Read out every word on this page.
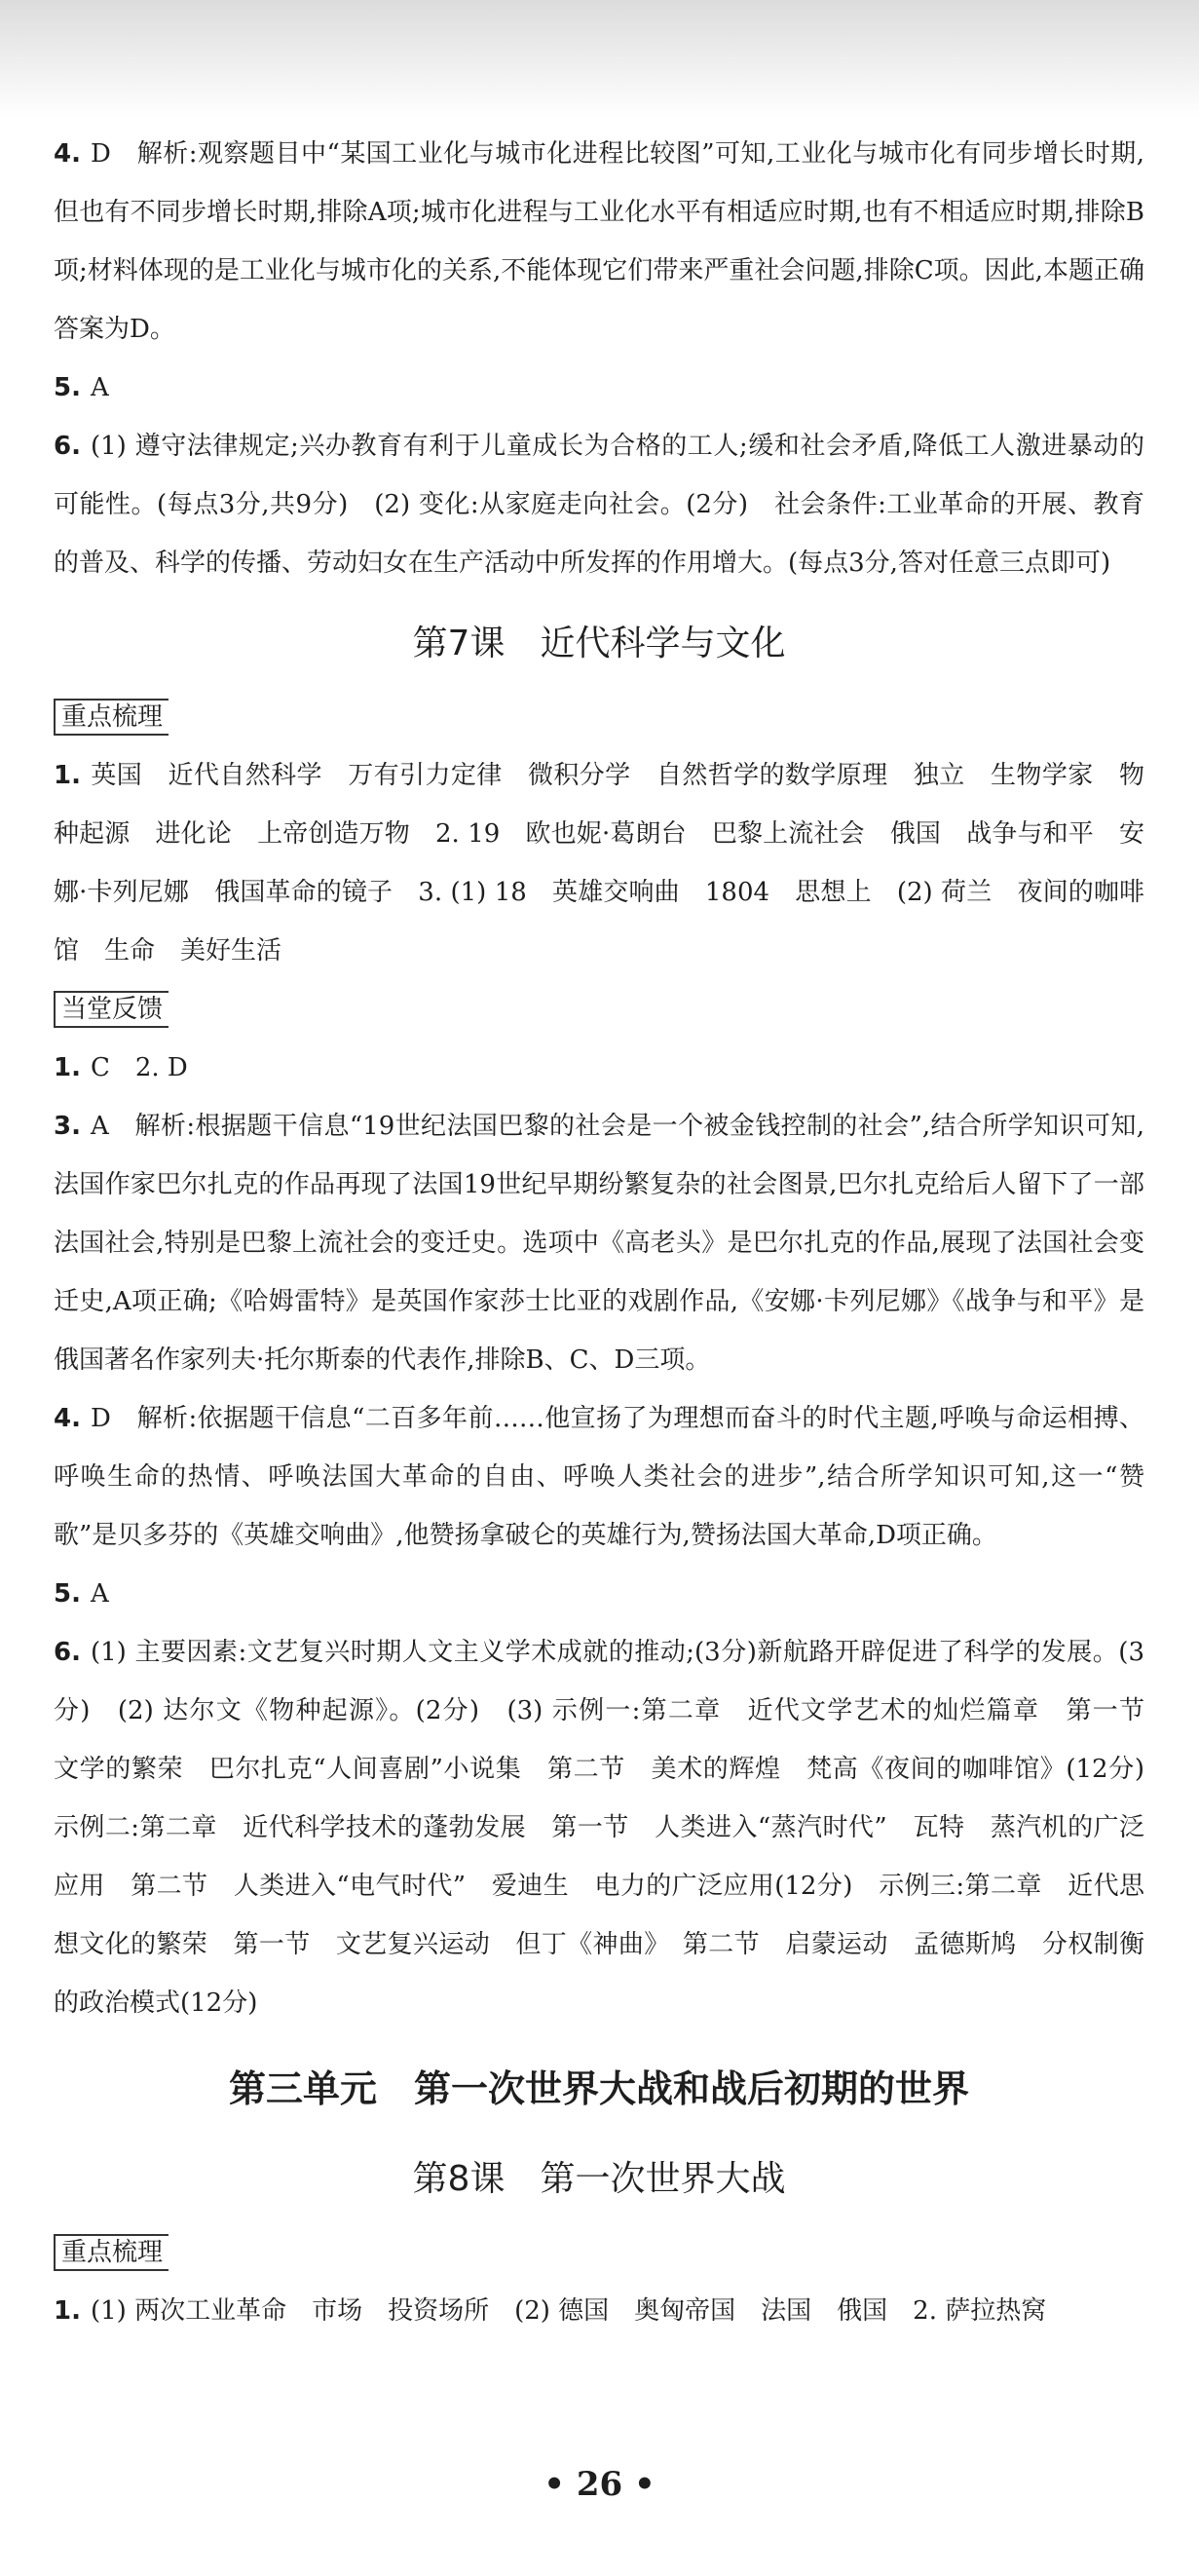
4. D　解析:观察题目中“某国工业化与城市化进程比较图”可知,工业化与城市化有同步增长时期,但也有不同步增长时期,排除A项;城市化进程与工业化水平有相适应时期,也有不相适应时期,排除B项;材料体现的是工业化与城市化的关系,不能体现它们带来严重社会问题,排除C项。因此,本题正确答案为D。

5. A

6. (1) 遵守法律规定;兴办教育有利于儿童成长为合格的工人;缓和社会矛盾,降低工人激进暴动的可能性。(每点3分,共9分)　(2) 变化:从家庭走向社会。(2分)　社会条件:工业革命的开展、教育的普及、科学的传播、劳动妇女在生产活动中所发挥的作用增大。(每点3分,答对任意三点即可)

第7课　近代科学与文化
重点梳理

1. 英国　近代自然科学　万有引力定律　微积分学　自然哲学的数学原理　独立　生物学家　物种起源　进化论　上帝创造万物　2. 19　欧也妮·葛朗台　巴黎上流社会　俄国　战争与和平　安娜·卡列尼娜　俄国革命的镜子　3. (1) 18　英雄交响曲　1804　思想上　(2) 荷兰　夜间的咖啡馆　生命　美好生活

当堂反馈

1. C　2. D

3. A　解析:根据题干信息“19世纪法国巴黎的社会是一个被金钱控制的社会”,结合所学知识可知,法国作家巴尔扎克的作品再现了法国19世纪早期纷繁复杂的社会图景,巴尔扎克给后人留下了一部法国社会,特别是巴黎上流社会的变迁史。选项中《高老头》是巴尔扎克的作品,展现了法国社会变迁史,A项正确;《哈姆雷特》是英国作家莎士比亚的戏剧作品,《安娜·卡列尼娜》《战争与和平》是俄国著名作家列夫·托尔斯泰的代表作,排除B、C、D三项。

4. D　解析:依据题干信息“二百多年前……他宣扬了为理想而奋斗的时代主题,呼唤与命运相搏、呼唤生命的热情、呼唤法国大革命的自由、呼唤人类社会的进步”,结合所学知识可知,这一“赞歌”是贝多芬的《英雄交响曲》,他赞扬拿破仑的英雄行为,赞扬法国大革命,D项正确。

5. A

6. (1) 主要因素:文艺复兴时期人文主义学术成就的推动;(3分)新航路开辟促进了科学的发展。(3分)　(2) 达尔文《物种起源》。(2分)　(3) 示例一:第二章　近代文学艺术的灿烂篇章　第一节　文学的繁荣　巴尔扎克“人间喜剧”小说集　第二节　美术的辉煌　梵高《夜间的咖啡馆》(12分)　示例二:第二章　近代科学技术的蓬勃发展　第一节　人类进入“蒸汽时代”　瓦特　蒸汽机的广泛应用　第二节　人类进入“电气时代”　爱迪生　电力的广泛应用(12分)　示例三:第二章　近代思想文化的繁荣　第一节　文艺复兴运动　但丁《神曲》　第二节　启蒙运动　孟德斯鸠　分权制衡的政治模式(12分)

第三单元　第一次世界大战和战后初期的世界
第8课　第一次世界大战
重点梳理

1. (1) 两次工业革命　市场　投资场所　(2) 德国　奥匈帝国　法国　俄国　2. 萨拉热窝

• 26 •
